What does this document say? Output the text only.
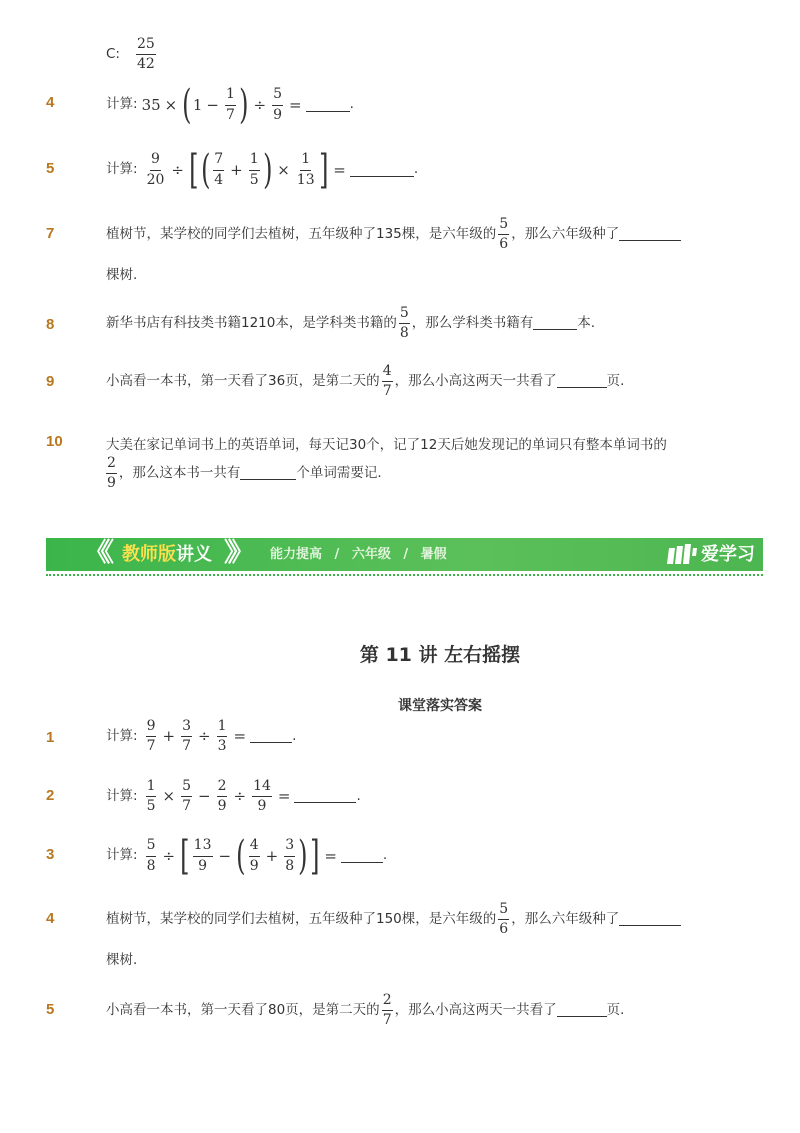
C: $\frac{25}{42}$
4	计算: 35 × ( $1 - \frac{1}{7}$ ) ÷ $\frac{5}{9}$ =	.
5	计算: $\frac{9}{20}$ ÷ [ ( $\frac{7}{4} + \frac{1}{5}$ ) × $\frac{1}{13}$ ] =	.
7	植树节，某学校的同学们去植树，五年级种了135棵，是六年级的 $\frac{5}{6}$ ，那么六年级种了
棵树.
8	新华书店有科技类书籍1210本，是学科类书籍的 $\frac{5}{8}$ ，那么学科类书籍有	本.
9	小高看一本书，第一天看了36页，是第二天的 $\frac{4}{7}$ ，那么小高这两天一共看了	页.
10	大美在家记单词书上的英语单词，每天记30个，记了12天后她发现记的单词只有整本单词书的
$\frac{2}{9}$ ，那么这本书一共有	个单词需要记.
《《 教师版讲义 》》 能力提高 / 六年级 / 暑假	爱学习
第 11 讲 左右摇摆
课堂落实答案
1	计算: $\frac{9}{7} + \frac{3}{7} \div \frac{1}{3}$ =	.
2	计算: $\frac{1}{5} \times \frac{5}{7} - \frac{2}{9} \div \frac{14}{9}$ =	.
3	计算: $\frac{5}{8}$ ÷ [ $\frac{13}{9}$ − ( $\frac{4}{9} + \frac{3}{8}$ ) ] =	.
4	植树节，某学校的同学们去植树，五年级种了150棵，是六年级的 $\frac{5}{6}$ ，那么六年级种了
棵树.
5	小高看一本书，第一天看了80页，是第二天的 $\frac{2}{7}$ ，那么小高这两天一共看了	页.
